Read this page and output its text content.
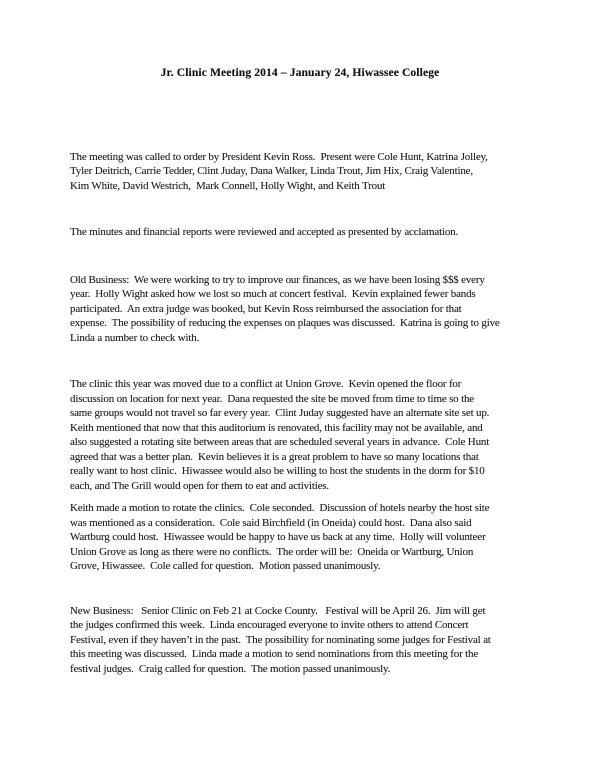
Jr. Clinic Meeting 2014 – January 24, Hiwassee College
The meeting was called to order by President Kevin Ross.  Present were Cole Hunt, Katrina Jolley,
Tyler Deitrich, Carrie Tedder, Clint Juday, Dana Walker, Linda Trout, Jim Hix, Craig Valentine,
Kim White, David Westrich,  Mark Connell, Holly Wight, and Keith Trout
The minutes and financial reports were reviewed and accepted as presented by acclamation.
Old Business:  We were working to try to improve our finances, as we have been losing $$$ every
year.  Holly Wight asked how we lost so much at concert festival.  Kevin explained fewer bands
participated.  An extra judge was booked, but Kevin Ross reimbursed the association for that
expense.  The possibility of reducing the expenses on plaques was discussed.  Katrina is going to give
Linda a number to check with.
The clinic this year was moved due to a conflict at Union Grove.  Kevin opened the floor for
discussion on location for next year.  Dana requested the site be moved from time to time so the
same groups would not travel so far every year.  Clint Juday suggested have an alternate site set up.
Keith mentioned that now that this auditorium is renovated, this facility may not be available, and
also suggested a rotating site between areas that are scheduled several years in advance.  Cole Hunt
agreed that was a better plan.  Kevin believes it is a great problem to have so many locations that
really want to host clinic.  Hiwassee would also be willing to host the students in the dorm for $10
each, and The Grill would open for them to eat and activities.
Keith made a motion to rotate the clinics.  Cole seconded.  Discussion of hotels nearby the host site
was mentioned as a consideration.  Cole said Birchfield (in Oneida) could host.  Dana also said
Wartburg could host.  Hiwassee would be happy to have us back at any time.  Holly will volunteer
Union Grove as long as there were no conflicts.  The order will be:  Oneida or Wartburg, Union
Grove, Hiwassee.  Cole called for question.  Motion passed unanimously.
New Business:   Senior Clinic on Feb 21 at Cocke County.   Festival will be April 26.  Jim will get
the judges confirmed this week.  Linda encouraged everyone to invite others to attend Concert
Festival, even if they haven’t in the past.  The possibility for nominating some judges for Festival at
this meeting was discussed.  Linda made a motion to send nominations from this meeting for the
festival judges.  Craig called for question.  The motion passed unanimously.
